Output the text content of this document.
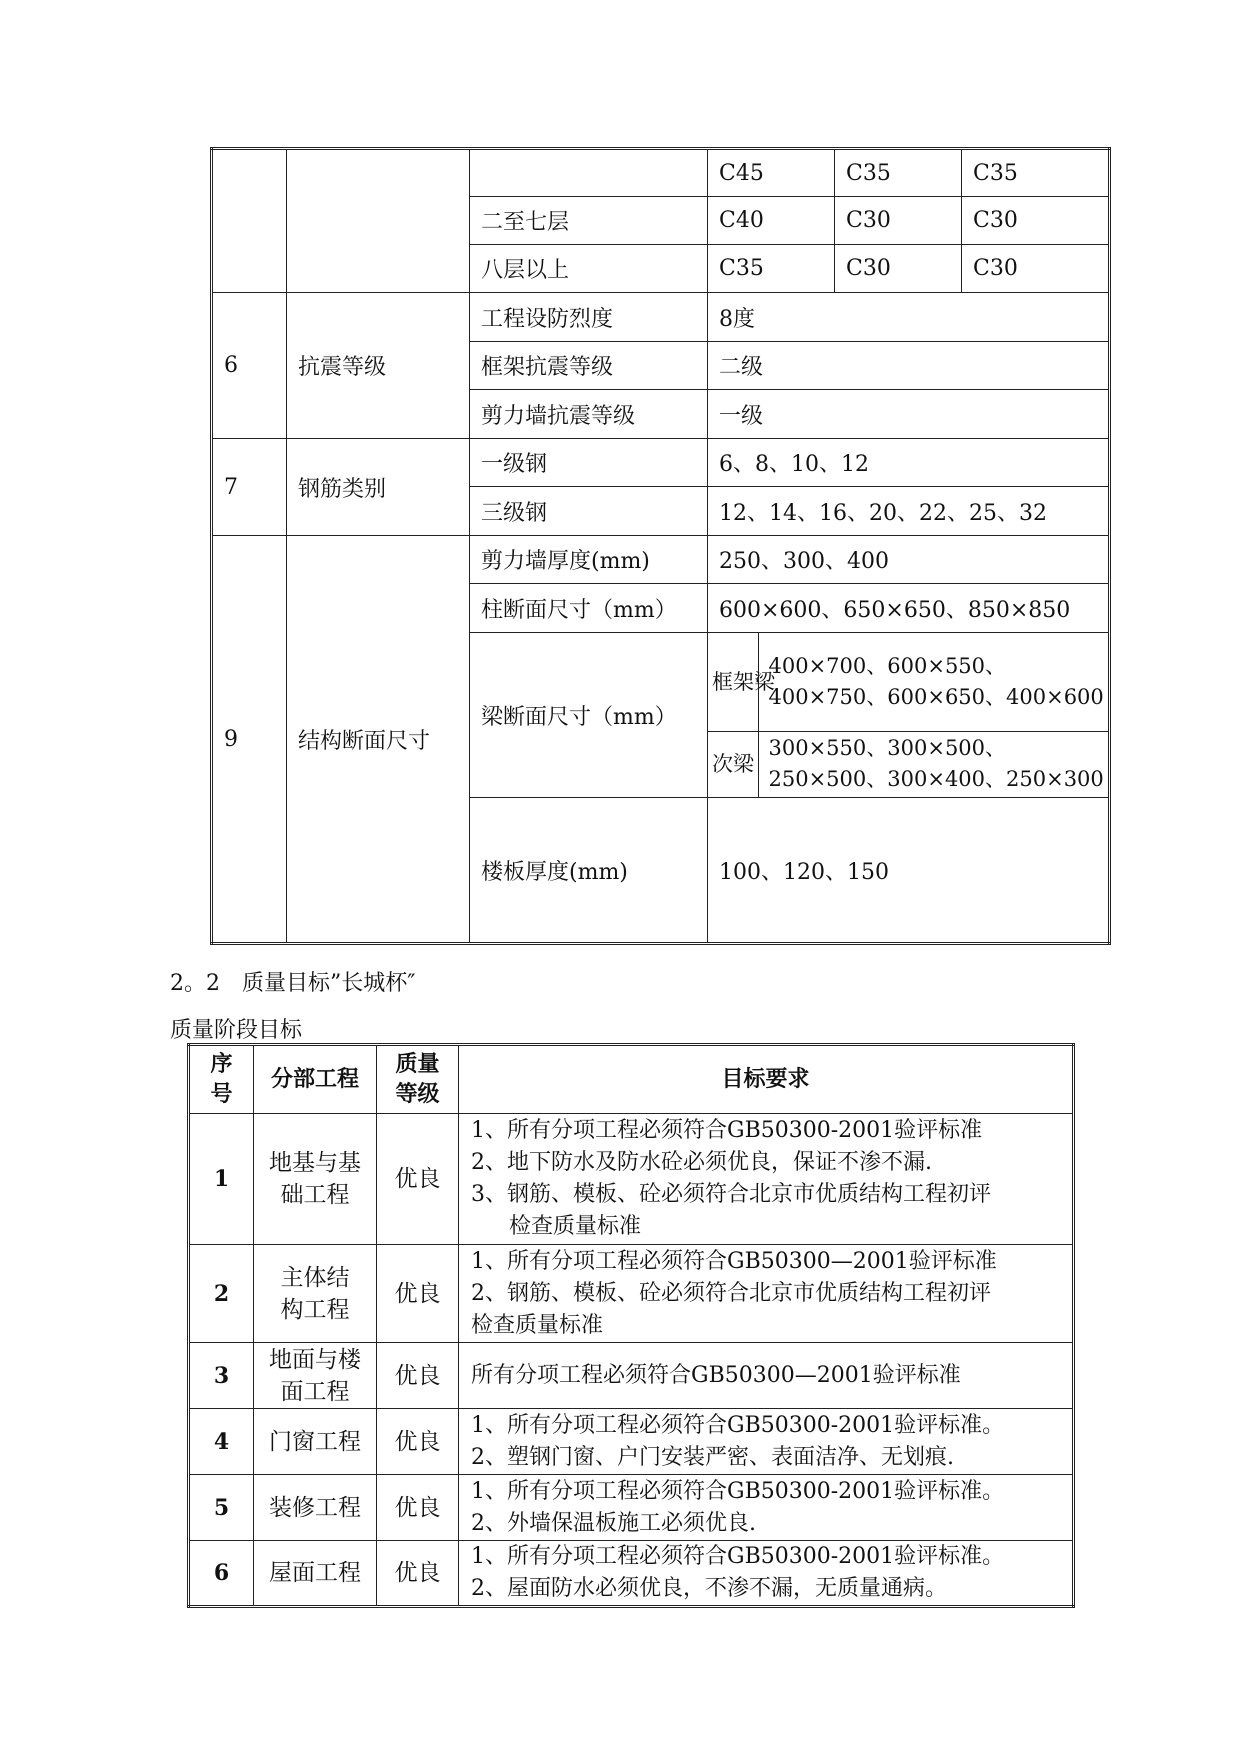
			C45	C35	C35
二至七层	C40	C30	C30
八层以上	C35	C30	C30
6	抗震等级	工程设防烈度	8度
框架抗震等级	二级
剪力墙抗震等级	一级
7	钢筋类别	一级钢	6、8、10、12
三级钢	12、14、16、20、22、25、32
9	结构断面尺寸	剪力墙厚度(mm)	250、300、400
柱断面尺寸（mm）	600×600、650×650、850×850
梁断面尺寸（mm）	
框架梁	400×700、600×550、400×750、600×650、400×600
次梁	300×550、300×500、250×500、300×400、250×300

楼板厚度(mm)	100、120、150
2。2　质量目标”长城杯″
质量阶段目标
序号	分部工程	质量等级	目标要求
1	地基与基础工程	优良	1、所有分项工程必须符合GB50300-2001验评标准
2、地下防水及防水砼必须优良，保证不渗不漏.
3、钢筋、模板、砼必须符合北京市优质结构工程初评
检查质量标准

2	主体结构工程	优良	1、所有分项工程必须符合GB50300—2001验评标准
2、钢筋、模板、砼必须符合北京市优质结构工程初评
检查质量标准

3	地面与楼面工程	优良	所有分项工程必须符合GB50300—2001验评标准

4	门窗工程	优良	1、所有分项工程必须符合GB50300-2001验评标准。
2、塑钢门窗、户门安装严密、表面洁净、无划痕.

5	装修工程	优良	1、所有分项工程必须符合GB50300-2001验评标准。
2、外墙保温板施工必须优良.

6	屋面工程	优良	1、所有分项工程必须符合GB50300-2001验评标准。
2、屋面防水必须优良，不渗不漏，无质量通病。
